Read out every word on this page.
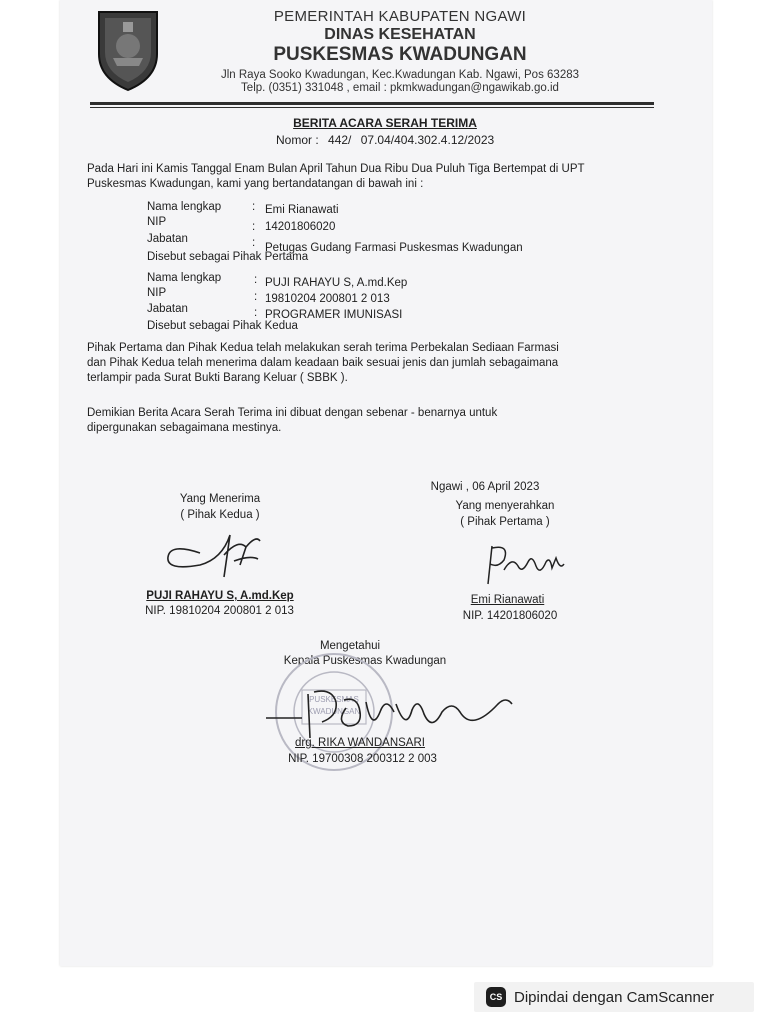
PEMERINTAH KABUPATEN NGAWI
DINAS KESEHATAN
PUSKESMAS KWADUNGAN
Jln Raya Sooko Kwadungan, Kec.Kwadungan Kab. Ngawi, Pos 63283
Telp. (0351) 331048 , email : pkmkwadungan@ngawikab.go.id
BERITA ACARA SERAH TERIMA
Nomor : 442/ 07.04/404.302.4.12/2023
Pada Hari ini Kamis Tanggal Enam Bulan April Tahun Dua Ribu Dua Puluh Tiga Bertempat di UPT
Puskesmas Kwadungan, kami yang bertandatangan di bawah ini :
Nama lengkap	: Emi Rianawati
NIP	: 14201806020
Jabatan	: Petugas Gudang Farmasi Puskesmas Kwadungan
Disebut sebagai Pihak Pertama
Nama lengkap	: PUJI RAHAYU S, A.md.Kep
NIP	: 19810204 200801 2 013
Jabatan	: PROGRAMER IMUNISASI
Disebut sebagai Pihak Kedua
Pihak Pertama dan Pihak Kedua telah melakukan serah terima Perbekalan Sediaan Farmasi
dan Pihak Kedua telah menerima dalam keadaan baik sesuai jenis dan jumlah sebagaimana
terlampir pada Surat Bukti Barang Keluar ( SBBK ).
Demikian Berita Acara Serah Terima ini dibuat dengan sebenar - benarnya untuk
dipergunakan sebagaimana mestinya.
Ngawi , 06 April 2023
Yang Menerima
( Pihak Kedua )
PUJI RAHAYU S, A.md.Kep
NIP. 19810204 200801 2 013
Yang menyerahkan
( Pihak Pertama )
Emi Rianawati
NIP. 14201806020
Mengetahui
Kepala Puskesmas Kwadungan
PUSKESMAS
KWADUNGAN
drg. RIKA WANDANSARI
NIP. 19700308 200312 2 003
CS Dipindai dengan CamScanner
